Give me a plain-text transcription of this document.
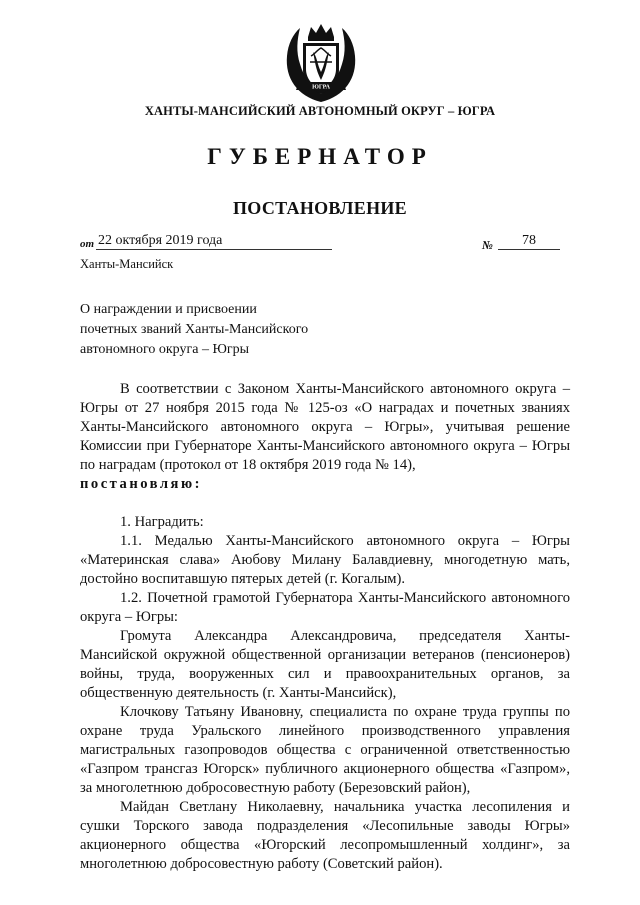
ЮГРА
ХАНТЫ-МАНСИЙСКИЙ АВТОНОМНЫЙ ОКРУГ – ЮГРА
ГУБЕРНАТОР
ПОСТАНОВЛЕНИЕ
от 22 октября 2019 года	№	78
Ханты-Мансийск
О награждении и присвоении
почетных званий Ханты-Мансийского
автономного округа – Югры

В соответствии с Законом Ханты-Мансийского автономного округа – Югры от 27 ноября 2015 года № 125-оз «О наградах и почетных званиях Ханты-Мансийского автономного округа – Югры», учитывая решение Комиссии при Губернаторе Ханты-Мансийского автономного округа – Югры по наградам (протокол от 18 октября 2019 года № 14),

постановляю:

1. Наградить:

1.1. Медалью Ханты-Мансийского автономного округа – Югры «Материнская слава» Аюбову Милану Балавдиевну, многодетную мать, достойно воспитавшую пятерых детей (г. Когалым).

1.2. Почетной грамотой Губернатора Ханты-Мансийского автономного округа – Югры:

Громута Александра Александровича, председателя Ханты-Мансийской окружной общественной организации ветеранов (пенсионеров) войны, труда, вооруженных сил и правоохранительных органов, за общественную деятельность (г. Ханты-Мансийск),

Клочкову Татьяну Ивановну, специалиста по охране труда группы по охране труда Уральского линейного производственного управления магистральных газопроводов общества с ограниченной ответственностью «Газпром трансгаз Югорск» публичного акционерного общества «Газпром», за многолетнюю добросовестную работу (Березовский район),

Майдан Светлану Николаевну, начальника участка лесопиления и сушки Торского завода подразделения «Лесопильные заводы Югры» акционерного общества «Югорский лесопромышленный холдинг», за многолетнюю добросовестную работу (Советский район).
